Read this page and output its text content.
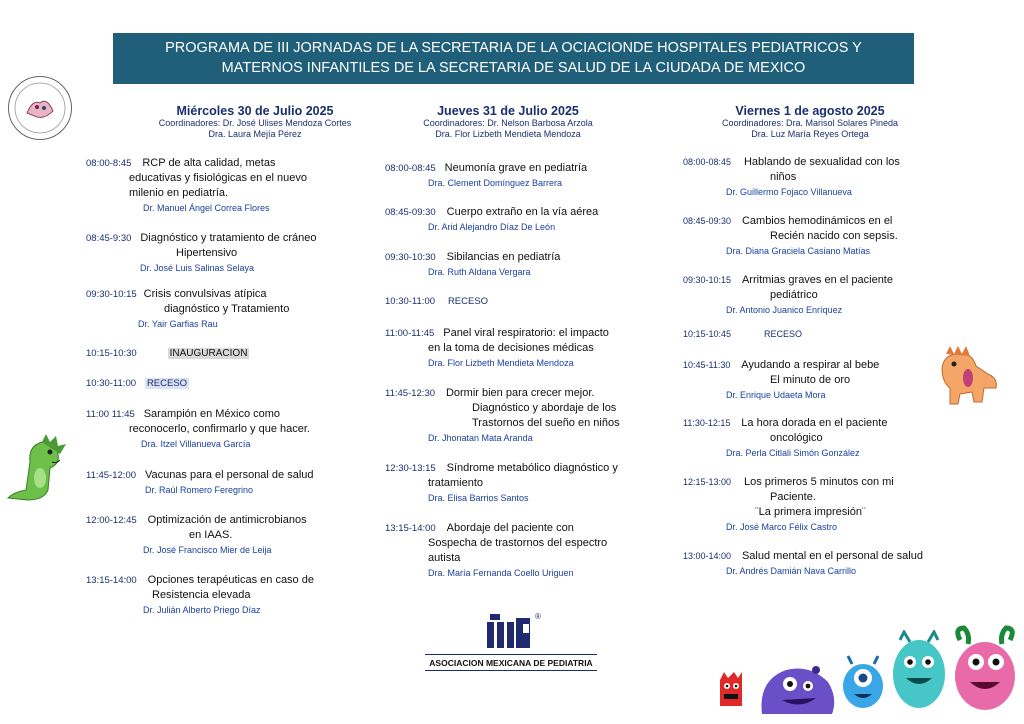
PROGRAMA DE III JORNADAS DE LA SECRETARIA DE LA OCIACIONDE HOSPITALES PEDIATRICOS Y
MATERNOS INFANTILES DE LA SECRETARIA DE SALUD DE LA CIUDADA DE MEXICO
Miércoles 30 de Julio 2025
Coordinadores: Dr. José Ulises Mendoza Cortes
Dra. Laura Mejía Pérez
08:00-8:45 RCP de alta calidad, metas
educativas y fisiológicas en el nuevo
milenio en pediatría.
Dr. Manuel Ángel Correa Flores
08:45-9:30 Diagnóstico y tratamiento de cráneo
Hipertensivo
Dr. José Luis Salinas Selaya
09:30-10:15 Crisis convulsivas atípica
diagnóstico y Tratamiento
Dr. Yair Garfias Rau
10:15-10:30	INAUGURACION
10:30-11:00 RECESO
11:00 11:45 Sarampión en México como
reconocerlo, confirmarlo y que hacer.
Dra. Itzel Villanueva García
11:45-12:00 Vacunas para el personal de salud
Dr. Raúl Romero Feregrino
12:00-12:45 Optimización de antimicrobianos
en IAAS.
Dr. José Francisco Mier de Leija
13:15-14:00 Opciones terapéuticas en caso de
Resistencia elevada
Dr. Julián Alberto Priego Díaz
Jueves 31 de Julio 2025
Coordinadores: Dr. Nelson Barbosa Arzola
Dra. Flor Lizbeth Mendieta Mendoza
08:00-08:45 Neumonía grave en pediatría
Dra. Clement Domínguez Barrera
08:45-09:30 Cuerpo extraño en la vía aérea
Dr. Arid Alejandro Díaz De León
09:30-10:30 Sibilancias en pediatría
Dra. Ruth Aldana Vergara
10:30-11:00 RECESO
11:00-11:45 Panel viral respiratorio: el impacto
en la toma de decisiones médicas
Dra. Flor Lizbeth Mendieta Mendoza
11:45-12:30 Dormir bien para crecer mejor.
Diagnóstico y abordaje de los
Trastornos del sueño en niños
Dr. Jhonatan Mata Aranda
12:30-13:15 Síndrome metabólico diagnóstico y
tratamiento
Dra. Elisa Barrios Santos
13:15-14:00 Abordaje del paciente con
Sospecha de trastornos del espectro
autista
Dra. María Fernanda Coello Uriguen
®
ASOCIACION MEXICANA DE PEDIATRIA
Viernes 1 de agosto 2025
Coordinadores: Dra. Marisol Solares Pineda
Dra. Luz María Reyes Ortega
08:00-08:45 Hablando de sexualidad con los
niños
Dr. Guillermo Fojaco Villanueva
08:45-09:30 Cambios hemodinámicos en el
Recién nacido con sepsis.
Dra. Diana Graciela Casiano Matías
09:30-10:15 Arritmias graves en el paciente
pediátrico
Dr. Antonio Juanico Enríquez
10:15-10:45	RECESO
10:45-11:30 Ayudando a respirar al bebe
El minuto de oro
Dr. Enrique Udaeta Mora
11:30-12:15 La hora dorada en el paciente
oncológico
Dra. Perla Citlali Simón González
12:15-13:00 Los primeros 5 minutos con mi
Paciente.
¨La primera impresión¨
Dr. José Marco Félix Castro
13:00-14:00 Salud mental en el personal de salud
Dr. Andrés Damián Nava Carrillo
